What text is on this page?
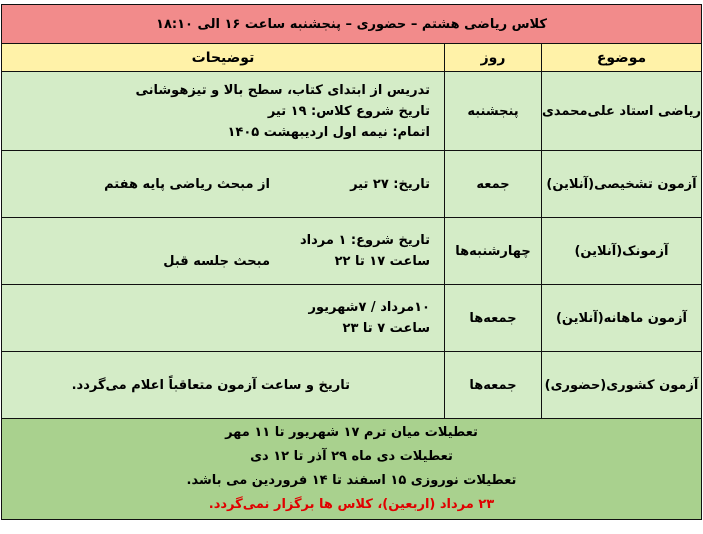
کلاس ریاضی هشتم – حضوری – پنجشنبه ساعت ۱۶ الی ۱۸:۱۰		
توضیحات	روز	موضوع

تدریس از ابتدای کتاب، سطح بالا و تیزهوشانی
تاریخ شروع کلاس: ۱۹ تیر
اتمام: نیمه اول اردیبهشت ۱۴۰۵	پنجشنبه	ریاضی استاد علی‌محمدی

تاریخ: ۲۷ تیر
از مبحث ریاضی پایه هفتم	جمعه	آزمون تشخیصی(آنلاین)

تاریخ شروع: ۱ مرداد
ساعت ۱۷ تا ۲۲
مبحث جلسه قبل	چهارشنبه‌ها	آزمونک(آنلاین)

۱۰مرداد / ۷شهریور
ساعت ۷ تا ۲۳	جمعه‌ها	آزمون ماهانه(آنلاین)

تاریخ و ساعت آزمون متعاقباً اعلام می‌گردد.	جمعه‌ها	آزمون کشوری(حضوری)

تعطیلات میان ترم ۱۷ شهریور تا ۱۱ مهر
تعطیلات دی ماه ۲۹ آذر تا ۱۲ دی
تعطیلات نوروزی ۱۵ اسفند تا ۱۴ فروردین می باشد.
۲۳ مرداد (اربعین)، کلاس ها برگزار نمی‌گردد.		
